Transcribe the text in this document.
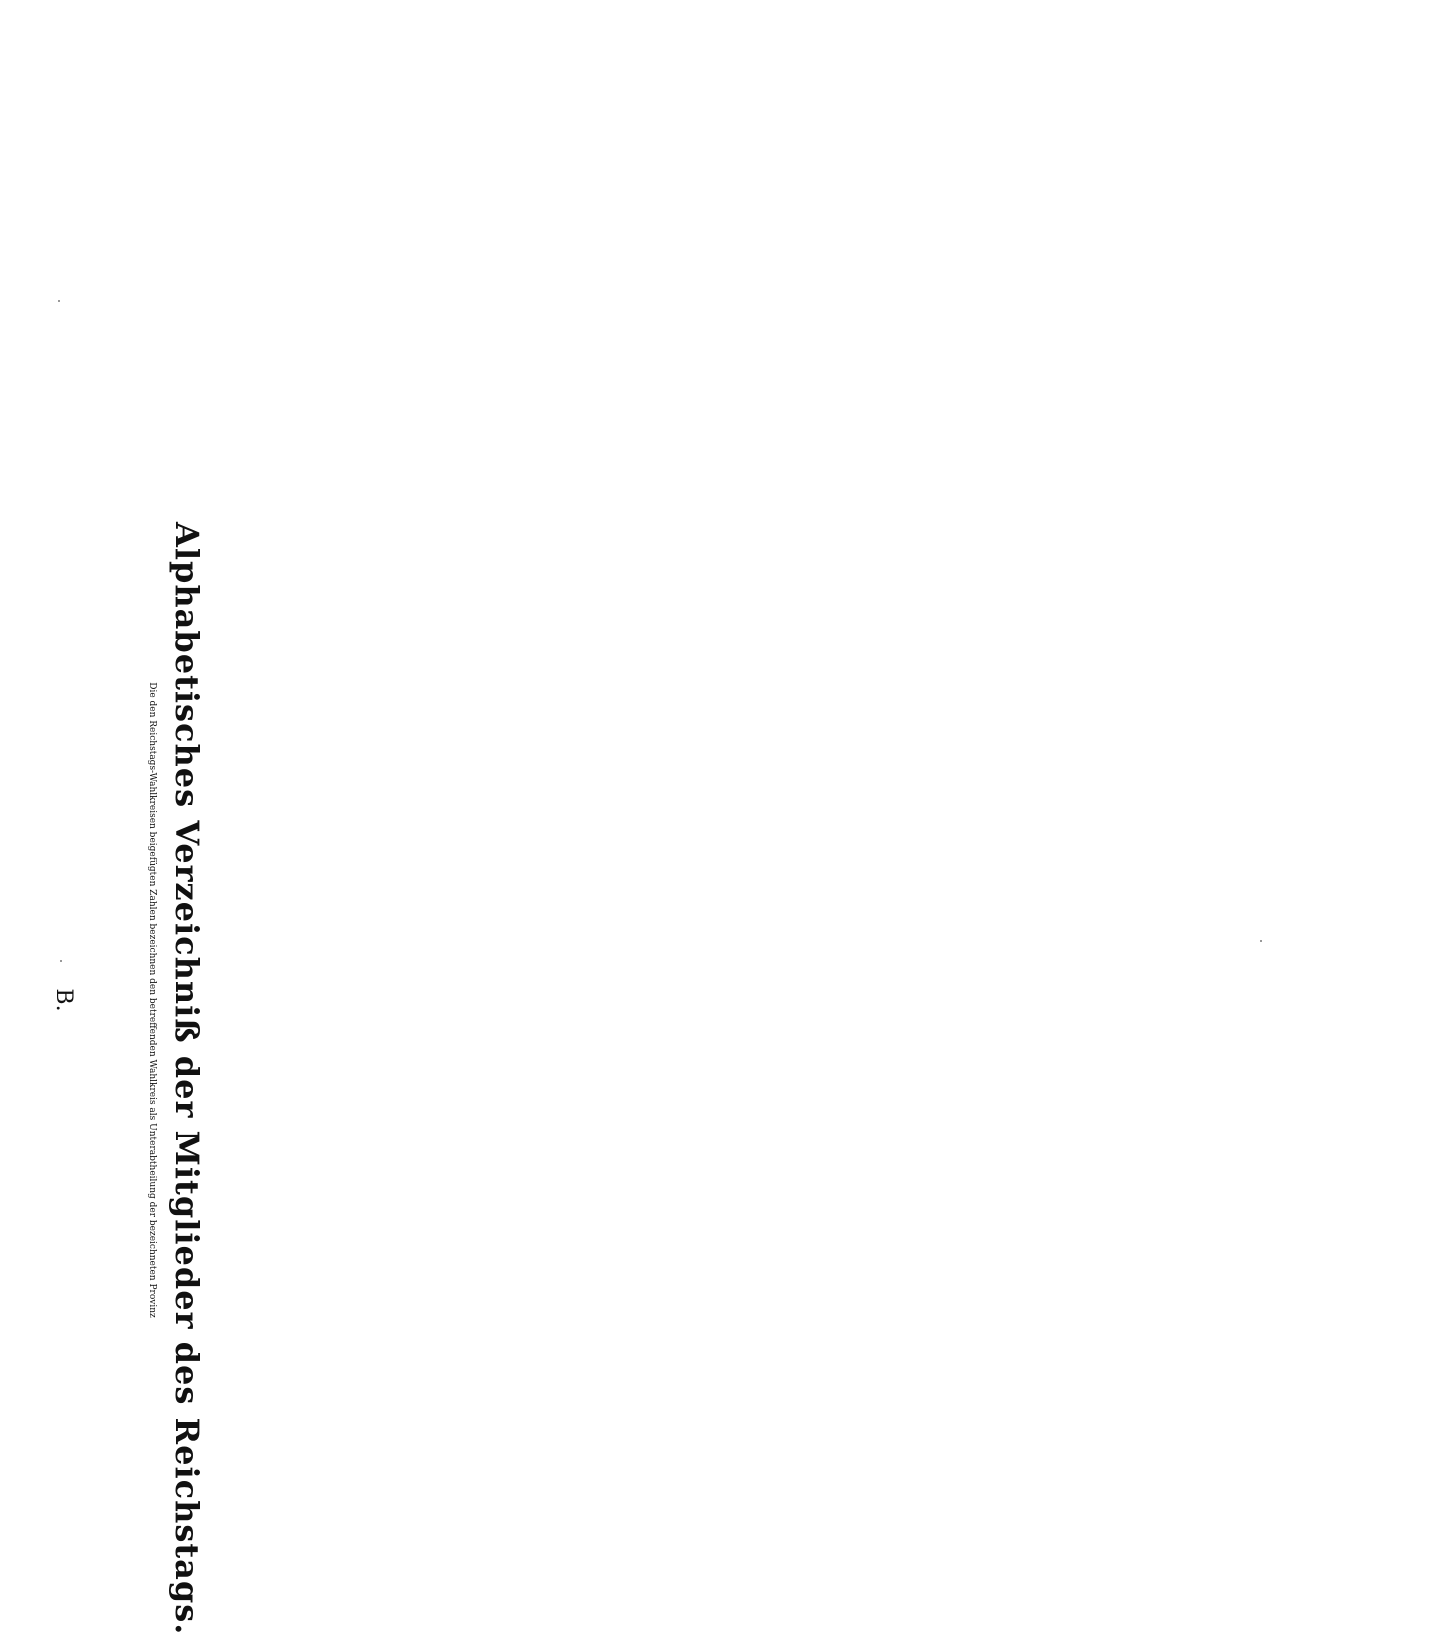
Alphabetisches Verzeichniß der Mitglieder des Reichstags.
Die den Reichstags-Wahlkreisen beigefügten Zahlen bezeichnen den betreffenden Wahlkreis als Unterabtheilung der bezeichneten Provinz
B.
